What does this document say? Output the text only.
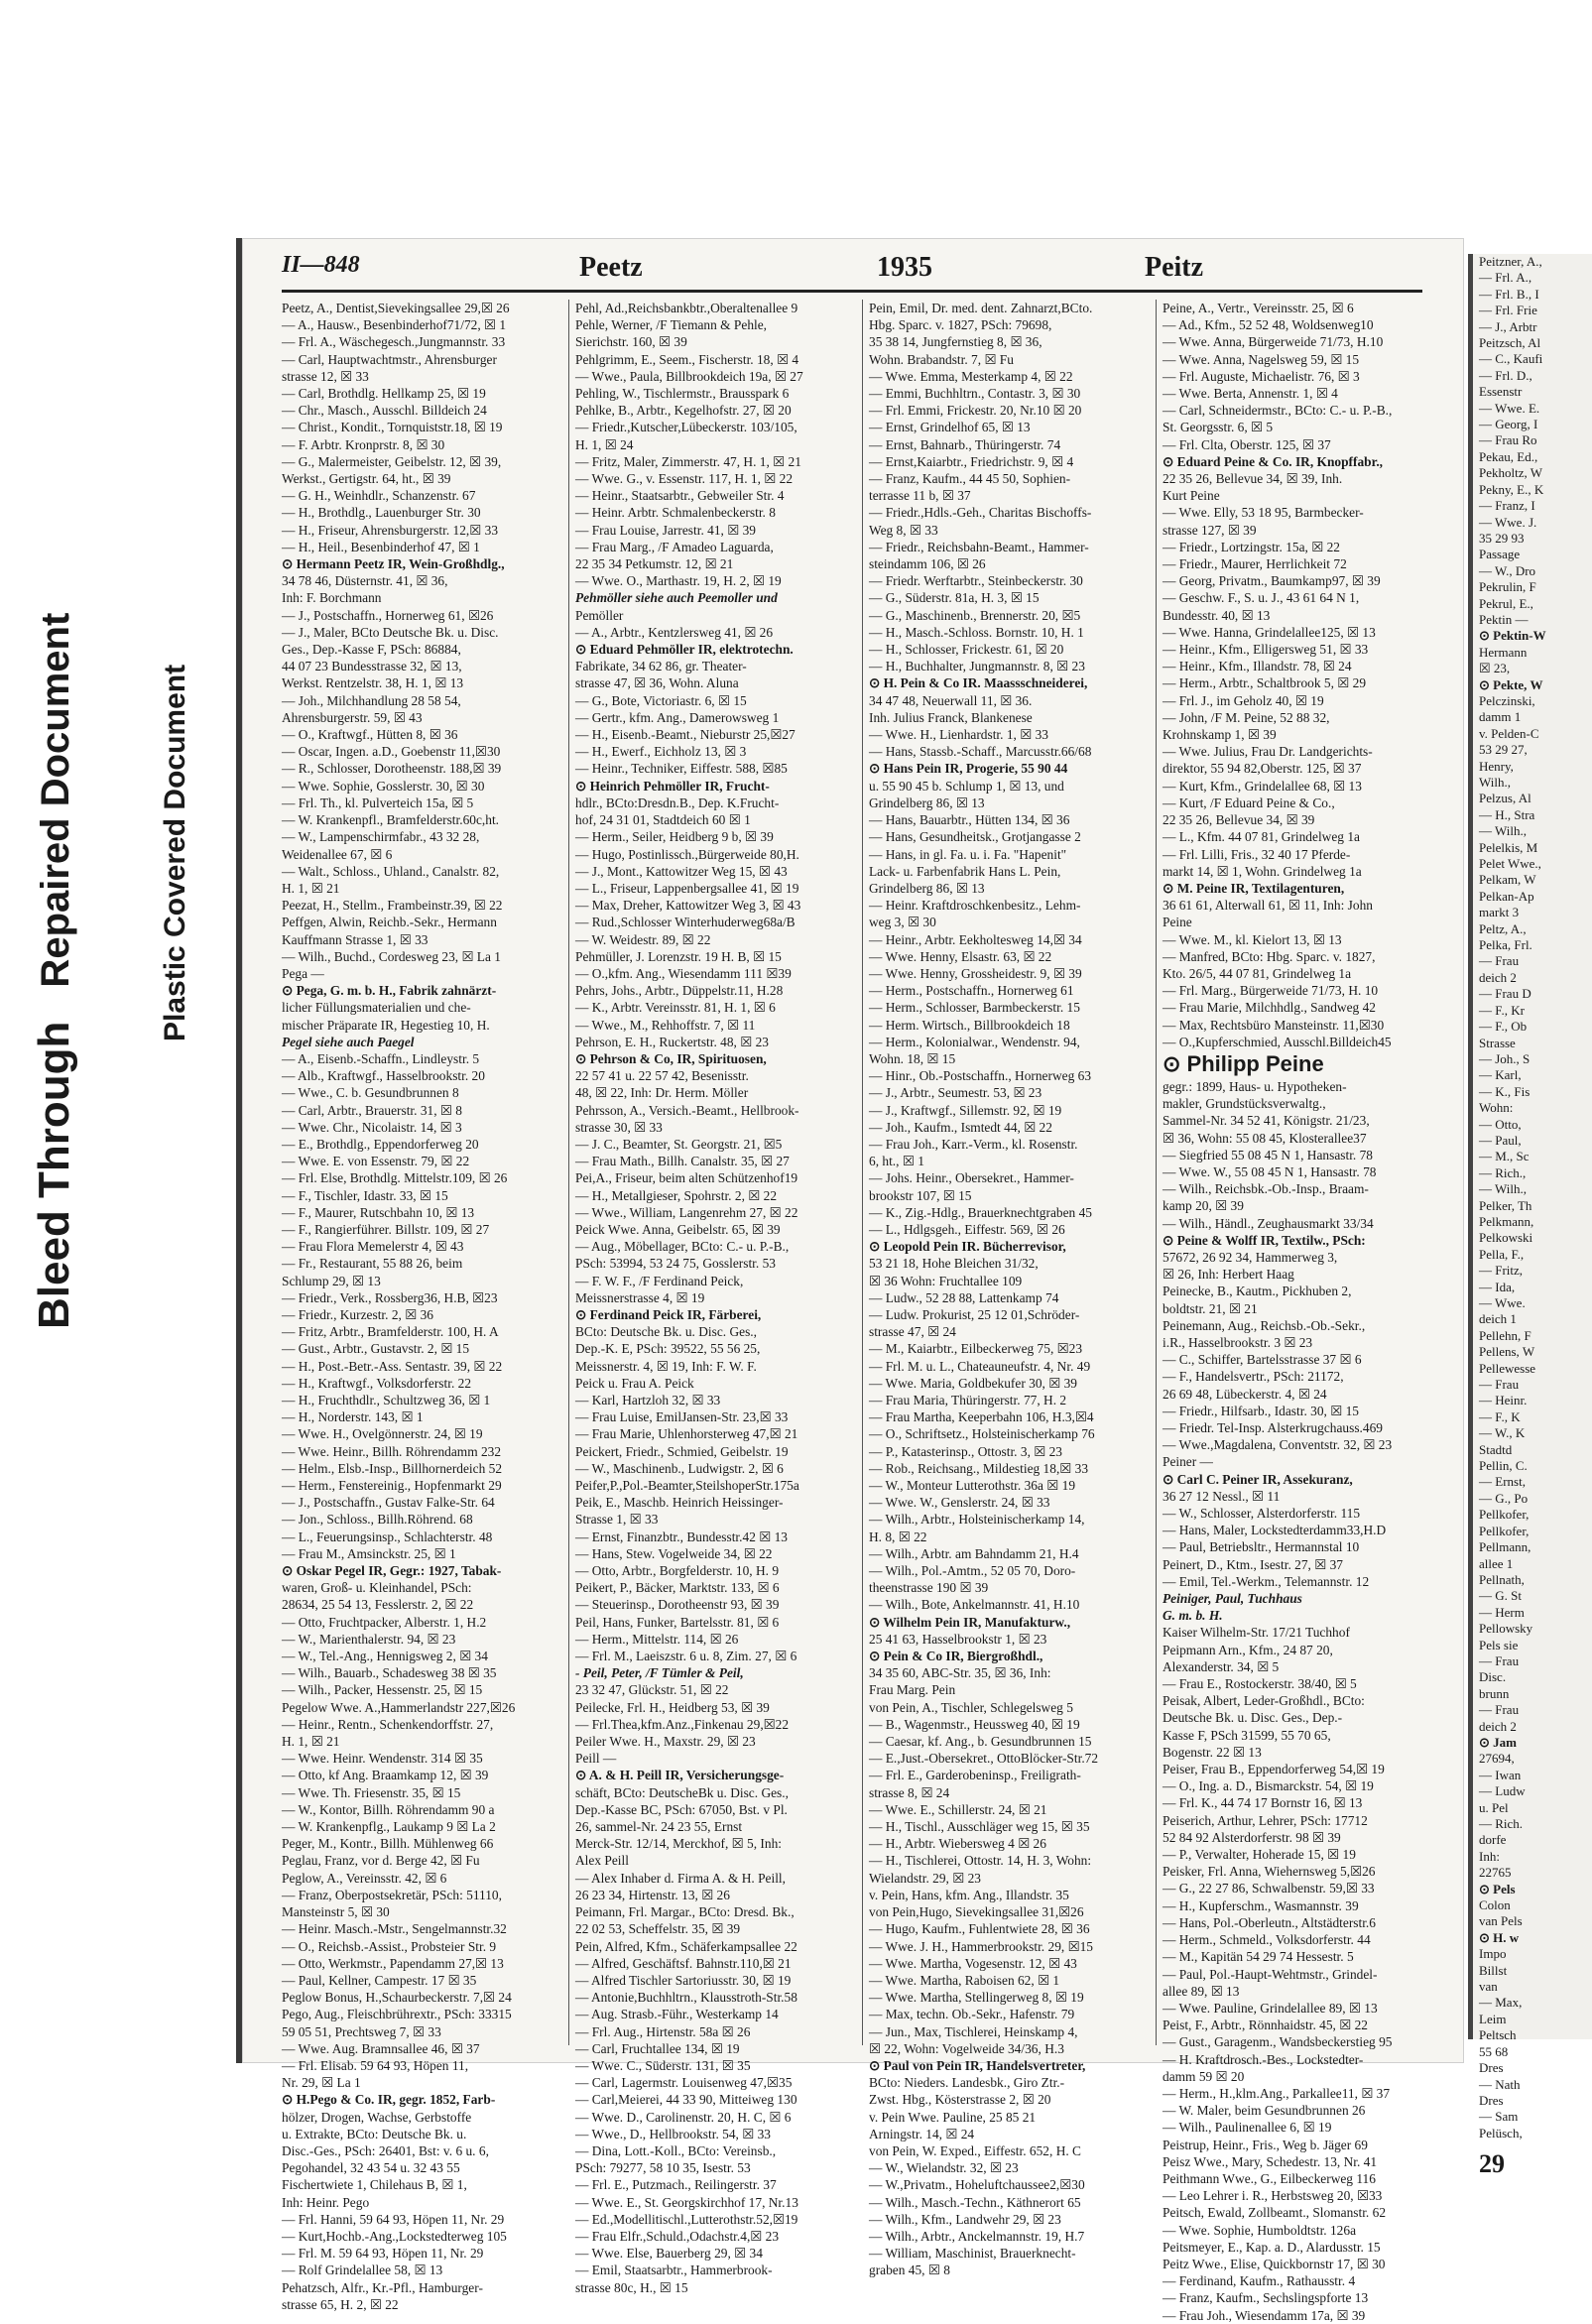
Bleed ThroughRepaired Document	Plastic Covered Document
II—848	Peetz	1935	Peitz
Peetz, A., Dentist,Sievekingsallee 29,☒ 26
— A., Hausw., Besenbinderhof71/72, ☒ 1
— Frl. A., Wäschegesch.,Jungmannstr. 33
— Carl, Hauptwachtmstr., Ahrensburger
strasse 12, ☒ 33
— Carl, Brothdlg. Hellkamp 25, ☒ 19
— Chr., Masch., Ausschl. Billdeich 24
— Christ., Kondit., Tornquiststr.18, ☒ 19
— F. Arbtr. Kronprstr. 8, ☒ 30
— G., Malermeister, Geibelstr. 12, ☒ 39,
Werkst., Gertigstr. 64, ht., ☒ 39
— G. H., Weinhdlr., Schanzenstr. 67
— H., Brothdlg., Lauenburger Str. 30
— H., Friseur, Ahrensburgerstr. 12,☒ 33
— H., Heil., Besenbinderhof 47, ☒ 1
⊙ Hermann Peetz IR, Wein-Großhdlg.,
34 78 46, Düsternstr. 41, ☒ 36,
Inh: F. Borchmann
— J., Postschaffn., Hornerweg 61, ☒26
— J., Maler, BCto Deutsche Bk. u. Disc.
Ges., Dep.-Kasse F, PSch: 86884,
44 07 23 Bundesstrasse 32, ☒ 13,
Werkst. Rentzelstr. 38, H. 1, ☒ 13
— Joh., Milchhandlung 28 58 54,
Ahrensburgerstr. 59, ☒ 43
— O., Kraftwgf., Hütten 8, ☒ 36
— Oscar, Ingen. a.D., Goebenstr 11,☒30
— R., Schlosser, Dorotheenstr. 188,☒ 39
— Wwe. Sophie, Gosslerstr. 30, ☒ 30
— Frl. Th., kl. Pulverteich 15a, ☒ 5
— W. Krankenpfl., Bramfelderstr.60c,ht.
— W., Lampenschirmfabr., 43 32 28,
Weidenallee 67, ☒ 6
— Walt., Schloss., Uhland., Canalstr. 82,
H. 1, ☒ 21
Peezat, H., Stellm., Frambeinstr.39, ☒ 22
Peffgen, Alwin, Reichb.-Sekr., Hermann
Kauffmann Strasse 1, ☒ 33
— Wilh., Buchd., Cordesweg 23, ☒ La 1
Pega —
⊙ Pega, G. m. b. H., Fabrik zahnärzt-
licher Füllungsmaterialien und che-
mischer Präparate IR, Hegestieg 10, H.
Pegel siehe auch Paegel
— A., Eisenb.-Schaffn., Lindleystr. 5
— Alb., Kraftwgf., Hasselbrookstr. 20
— Wwe., C. b. Gesundbrunnen 8
— Carl, Arbtr., Brauerstr. 31, ☒ 8
— Wwe. Chr., Nicolaistr. 14, ☒ 3
— E., Brothdlg., Eppendorferweg 20
— Wwe. E. von Essenstr. 79, ☒ 22
— Frl. Else, Brothdlg. Mittelstr.109, ☒ 26
— F., Tischler, Idastr. 33, ☒ 15
— F., Maurer, Rutschbahn 10, ☒ 13
— F., Rangierführer. Billstr. 109, ☒ 27
— Frau Flora Memelerstr 4, ☒ 43
— Fr., Restaurant, 55 88 26, beim
Schlump 29, ☒ 13
— Friedr., Verk., Rossberg36, H.B, ☒23
— Friedr., Kurzestr. 2, ☒ 36
— Fritz, Arbtr., Bramfelderstr. 100, H. A
— Gust., Arbtr., Gustavstr. 2, ☒ 15
— H., Post.-Betr.-Ass. Sentastr. 39, ☒ 22
— H., Kraftwgf., Volksdorferstr. 22
— H., Fruchthdlr., Schultzweg 36, ☒ 1
— H., Norderstr. 143, ☒ 1
— Wwe. H., Ovelgönnerstr. 24, ☒ 19
— Wwe. Heinr., Billh. Röhrendamm 232
— Helm., Elsb.-Insp., Billhornerdeich 52
— Herm., Fenstereinig., Hopfenmarkt 29
— J., Postschaffn., Gustav Falke-Str. 64
— Jon., Schloss., Billh.Röhrend. 68
— L., Feuerungsinsp., Schlachterstr. 48
— Frau M., Amsinckstr. 25, ☒ 1
⊙ Oskar Pegel IR, Gegr.: 1927, Tabak-
waren, Groß- u. Kleinhandel, PSch:
28634, 25 54 13, Fesslerstr. 2, ☒ 22
— Otto, Fruchtpacker, Alberstr. 1, H.2
— W., Marienthalerstr. 94, ☒ 23
— W., Tel.-Ang., Hennigsweg 2, ☒ 34
— Wilh., Bauarb., Schadesweg 38 ☒ 35
— Wilh., Packer, Hessenstr. 25, ☒ 15
Pegelow Wwe. A.,Hammerlandstr 227,☒26
— Heinr., Rentn., Schenkendorffstr. 27,
H. 1, ☒ 21
— Wwe. Heinr. Wendenstr. 314 ☒ 35
— Otto, kf Ang. Braamkamp 12, ☒ 39
— Wwe. Th. Friesenstr. 35, ☒ 15
— W., Kontor, Billh. Röhrendamm 90 a
— W. Krankenpflg., Laukamp 9 ☒ La 2
Peger, M., Kontr., Billh. Mühlenweg 66
Peglau, Franz, vor d. Berge 42, ☒ Fu
Peglow, A., Vereinsstr. 42, ☒ 6
— Franz, Oberpostsekretär, PSch: 51110,
Mansteinstr 5, ☒ 30
— Heinr. Masch.-Mstr., Sengelmannstr.32
— O., Reichsb.-Assist., Probsteier Str. 9
— Otto, Werkmstr., Papendamm 27,☒ 13
— Paul, Kellner, Campestr. 17 ☒ 35
Peglow Bonus, H.,Schaurbeckerstr. 7,☒ 24
Pego, Aug., Fleischbrührextr., PSch: 33315
59 05 51, Prechtsweg 7, ☒ 33
— Wwe. Aug. Bramnsallee 46, ☒ 37
— Frl. Elisab. 59 64 93, Höpen 11,
Nr. 29, ☒ La 1
⊙ H.Pego & Co. IR, gegr. 1852, Farb-
hölzer, Drogen, Wachse, Gerbstoffe
u. Extrakte, BCto: Deutsche Bk. u.
Disc.-Ges., PSch: 26401, Bst: v. 6 u. 6,
Pegohandel, 32 43 54 u. 32 43 55
Fischertwiete 1, Chilehaus B, ☒ 1,
Inh: Heinr. Pego
— Frl. Hanni, 59 64 93, Höpen 11, Nr. 29
— Kurt,Hochb.-Ang.,Lockstedterweg 105
— Frl. M. 59 64 93, Höpen 11, Nr. 29
— Rolf Grindelallee 58, ☒ 13
Pehatzsch, Alfr., Kr.-Pfl., Hamburger-
strasse 65, H. 2, ☒ 22
Pehl, Ad.,Reichsbankbtr.,Oberaltenallee 9
Pehle, Werner, /F Tiemann & Pehle,
Sierichstr. 160, ☒ 39
Pehlgrimm, E., Seem., Fischerstr. 18, ☒ 4
— Wwe., Paula, Billbrookdeich 19a, ☒ 27
Pehling, W., Tischlermstr., Brausspark 6
Pehlke, B., Arbtr., Kegelhofstr. 27, ☒ 20
— Friedr.,Kutscher,Lübeckerstr. 103/105,
H. 1, ☒ 24
— Fritz, Maler, Zimmerstr. 47, H. 1, ☒ 21
— Wwe. G., v. Essenstr. 117, H. 1, ☒ 22
— Heinr., Staatsarbtr., Gebweiler Str. 4
— Heinr. Arbtr. Schmalenbeckerstr. 8
— Frau Louise, Jarrestr. 41, ☒ 39
— Frau Marg., /F Amadeo Laguarda,
22 35 34 Petkumstr. 12, ☒ 21
— Wwe. O., Marthastr. 19, H. 2, ☒ 19
Pehmöller siehe auch Peemoller und
Pemöller
— A., Arbtr., Kentzlersweg 41, ☒ 26
⊙ Eduard Pehmöller IR, elektrotechn.
Fabrikate, 34 62 86, gr. Theater-
strasse 47, ☒ 36, Wohn. Aluna
— G., Bote, Victoriastr. 6, ☒ 15
— Gertr., kfm. Ang., Damerowsweg 1
— H., Eisenb.-Beamt., Nieburstr 25,☒27
— H., Ewerf., Eichholz 13, ☒ 3
— Heinr., Techniker, Eiffestr. 588, ☒85
⊙ Heinrich Pehmöller IR, Frucht-
hdlr., BCto:Dresdn.B., Dep. K.Frucht-
hof, 24 31 01, Stadtdeich 60 ☒ 1
— Herm., Seiler, Heidberg 9 b, ☒ 39
— Hugo, Postinlissch.,Bürgerweide 80,H.
— J., Mont., Kattowitzer Weg 15, ☒ 43
— L., Friseur, Lappenbergsallee 41, ☒ 19
— Max, Dreher, Kattowitzer Weg 3, ☒ 43
— Rud.,Schlosser Winterhuderweg68a/B
— W. Weidestr. 89, ☒ 22
Pehmüller, J. Lorenzstr. 19 H. B, ☒ 15
— O.,kfm. Ang., Wiesendamm 111 ☒39
Pehrs, Johs., Arbtr., Düppelstr.11, H.28
— K., Arbtr. Vereinsstr. 81, H. 1, ☒ 6
— Wwe., M., Rehhoffstr. 7, ☒ 11
Pehrson, E. H., Ruckertstr. 48, ☒ 23
⊙ Pehrson & Co, IR, Spirituosen,
22 57 41 u. 22 57 42, Besenisstr.
48, ☒ 22, Inh: Dr. Herm. Möller
Pehrsson, A., Versich.-Beamt., Hellbrook-
strasse 30, ☒ 33
— J. C., Beamter, St. Georgstr. 21, ☒5
— Frau Math., Billh. Canalstr. 35, ☒ 27
Pei,A., Friseur, beim alten Schützenhof19
— H., Metallgieser, Spohrstr. 2, ☒ 22
— Wwe., William, Langenrehm 27, ☒ 22
Peick Wwe. Anna, Geibelstr. 65, ☒ 39
— Aug., Möbellager, BCto: C.- u. P.-B.,
PSch: 53994, 53 24 75, Gosslerstr. 53
— F. W. F., /F Ferdinand Peick,
Meissnerstrasse 4, ☒ 19
⊙ Ferdinand Peick IR, Färberei,
BCto: Deutsche Bk. u. Disc. Ges.,
Dep.-K. E, PSch: 39522, 55 56 25,
Meissnerstr. 4, ☒ 19, Inh: F. W. F.
Peick u. Frau A. Peick
— Karl, Hartzloh 32, ☒ 33
— Frau Luise, EmilJansen-Str. 23,☒ 33
— Frau Marie, Uhlenhorsterweg 47,☒ 21
Peickert, Friedr., Schmied, Geibelstr. 19
— W., Maschinenb., Ludwigstr. 2, ☒ 6
Peifer,P.,Pol.-Beamter,SteilshoperStr.175a
Peik, E., Maschb. Heinrich Heissinger-
Strasse 1, ☒ 33
— Ernst, Finanzbtr., Bundesstr.42 ☒ 13
— Hans, Stew. Vogelweide 34, ☒ 22
— Otto, Arbtr., Borgfelderstr. 10, H. 9
Peikert, P., Bäcker, Marktstr. 133, ☒ 6
— Steuerinsp., Dorotheenstr 93, ☒ 39
Peil, Hans, Funker, Bartelsstr. 81, ☒ 6
— Herm., Mittelstr. 114, ☒ 26
— Frl. M., Laeiszstr. 6 u. 8, Zim. 27, ☒ 6
- Peil, Peter, /F Tümler & Peil,
23 32 47, Glückstr. 51, ☒ 22
Peilecke, Frl. H., Heidberg 53, ☒ 39
— Frl.Thea,kfm.Anz.,Finkenau 29,☒22
Peiler Wwe. H., Maxstr. 29, ☒ 23
Peill —
⊙ A. & H. Peill IR, Versicherungsge-
schäft, BCto: DeutscheBk u. Disc. Ges.,
Dep.-Kasse BC, PSch: 67050, Bst. v Pl.
26, sammel-Nr. 24 23 55, Ernst
Merck-Str. 12/14, Merckhof, ☒ 5, Inh:
Alex Peill
— Alex Inhaber d. Firma A. & H. Peill,
26 23 34, Hirtenstr. 13, ☒ 26
Peimann, Frl. Margar., BCto: Dresd. Bk.,
22 02 53, Scheffelstr. 35, ☒ 39
Pein, Alfred, Kfm., Schäferkampsallee 22
— Alfred, Geschäftsf. Bahnstr.110,☒ 21
— Alfred Tischler Sartoriusstr. 30, ☒ 19
— Antonie,Buchhltrn., Klausstroth-Str.58
— Aug. Strasb.-Führ., Westerkamp 14
— Frl. Aug., Hirtenstr. 58a ☒ 26
— Carl, Fruchtallee 134, ☒ 19
— Wwe. C., Süderstr. 131, ☒ 35
— Carl, Lagermstr. Louisenweg 47,☒35
— Carl,Meierei, 44 33 90, Mitteiweg 130
— Wwe. D., Carolinenstr. 20, H. C, ☒ 6
— Wwe., D., Hellbrookstr. 54, ☒ 33
— Dina, Lott.-Koll., BCto: Vereinsb.,
PSch: 79277, 58 10 35, Isestr. 53
— Frl. E., Putzmach., Reilingerstr. 37
— Wwe. E., St. Georgskirchhof 17, Nr.13
— Ed.,Modellitischl.,Lutterothstr.52,☒19
— Frau Elfr.,Schuld.,Odachstr.4,☒ 23
— Wwe. Else, Bauerberg 29, ☒ 34
— Emil, Staatsarbtr., Hammerbrook-
strasse 80c, H., ☒ 15
Pein, Emil, Dr. med. dent. Zahnarzt,BCto.
Hbg. Sparc. v. 1827, PSch: 79698,
35 38 14, Jungfernstieg 8, ☒ 36,
Wohn. Brabandstr. 7, ☒ Fu
— Wwe. Emma, Mesterkamp 4, ☒ 22
— Emmi, Buchhltrn., Contastr. 3, ☒ 30
— Frl. Emmi, Frickestr. 20, Nr.10 ☒ 20
— Ernst, Grindelhof 65, ☒ 13
— Ernst, Bahnarb., Thüringerstr. 74
— Ernst,Kaiarbtr., Friedrichstr. 9, ☒ 4
— Franz, Kaufm., 44 45 50, Sophien-
terrasse 11 b, ☒ 37
— Friedr.,Hdls.-Geh., Charitas Bischoffs-
Weg 8, ☒ 33
— Friedr., Reichsbahn-Beamt., Hammer-
steindamm 106, ☒ 26
— Friedr. Werftarbtr., Steinbeckerstr. 30
— G., Süderstr. 81a, H. 3, ☒ 15
— G., Maschinenb., Brennerstr. 20, ☒5
— H., Masch.-Schloss. Bornstr. 10, H. 1
— H., Schlosser, Frickestr. 61, ☒ 20
— H., Buchhalter, Jungmannstr. 8, ☒ 23
⊙ H. Pein & Co IR. Maassschneiderei,
34 47 48, Neuerwall 11, ☒ 36.
Inh. Julius Franck, Blankenese
— Wwe. H., Lienhardstr. 1, ☒ 33
— Hans, Stassb.-Schaff., Marcusstr.66/68
⊙ Hans Pein IR, Progerie, 55 90 44
u. 55 90 45 b. Schlump 1, ☒ 13, und
Grindelberg 86, ☒ 13
— Hans, Bauarbtr., Hütten 134, ☒ 36
— Hans, Gesundheitsk., Grotjangasse 2
— Hans, in gl. Fa. u. i. Fa. "Hapenit"
Lack- u. Farbenfabrik Hans L. Pein,
Grindelberg 86, ☒ 13
— Heinr. Kraftdroschkenbesitz., Lehm-
weg 3, ☒ 30
— Heinr., Arbtr. Eekholtesweg 14,☒ 34
— Wwe. Henny, Elsastr. 63, ☒ 22
— Wwe. Henny, Grossheidestr. 9, ☒ 39
— Herm., Postschaffn., Hornerweg 61
— Herm., Schlosser, Barmbeckerstr. 15
— Herm. Wirtsch., Billbrookdeich 18
— Herm., Kolonialwar., Wendenstr. 94,
Wohn. 18, ☒ 15
— Hinr., Ob.-Postschaffn., Hornerweg 63
— J., Arbtr., Seumestr. 53, ☒ 23
— J., Kraftwgf., Sillemstr. 92, ☒ 19
— Joh., Kaufm., Ismtedt 44, ☒ 22
— Frau Joh., Karr.-Verm., kl. Rosenstr.
6, ht., ☒ 1
— Johs. Heinr., Obersekret., Hammer-
brookstr 107, ☒ 15
— K., Zig.-Hdlg., Brauerknechtgraben 45
— L., Hdlgsgeh., Eiffestr. 569, ☒ 26
⊙ Leopold Pein IR. Bücherrevisor,
53 21 18, Hohe Bleichen 31/32,
☒ 36 Wohn: Fruchtallee 109
— Ludw., 52 28 88, Lattenkamp 74
— Ludw. Prokurist, 25 12 01,Schröder-
strasse 47, ☒ 24
— M., Kaiarbtr., Eilbeckerweg 75, ☒23
— Frl. M. u. L., Chateauneufstr. 4, Nr. 49
— Wwe. Maria, Goldbekufer 30, ☒ 39
— Frau Maria, Thüringerstr. 77, H. 2
— Frau Martha, Keeperbahn 106, H.3,☒4
— O., Schriftsetz., Holsteinischerkamp 76
— P., Katasterinsp., Ottostr. 3, ☒ 23
— Rob., Reichsang., Mildestieg 18,☒ 33
— W., Monteur Lutterothstr. 36a ☒ 19
— Wwe. W., Genslerstr. 24, ☒ 33
— Wilh., Arbtr., Holsteinischerkamp 14,
H. 8, ☒ 22
— Wilh., Arbtr. am Bahndamm 21, H.4
— Wilh., Pol.-Amtm., 52 05 70, Doro-
theenstrasse 190 ☒ 39
— Wilh., Bote, Ankelmannstr. 41, H.10
⊙ Wilhelm Pein IR, Manufakturw.,
25 41 63, Hasselbrookstr 1, ☒ 23
⊙ Pein & Co IR, Biergroßhdl.,
34 35 60, ABC-Str. 35, ☒ 36, Inh:
Frau Marg. Pein
von Pein, A., Tischler, Schlegelsweg 5
— B., Wagenmstr., Heussweg 40, ☒ 19
— Caesar, kf. Ang., b. Gesundbrunnen 15
— E.,Just.-Obersekret., OttoBlöcker-Str.72
— Frl. E., Garderobeninsp., Freiligrath-
strasse 8, ☒ 24
— Wwe. E., Schillerstr. 24, ☒ 21
— H., Tischl., Ausschläger weg 15, ☒ 35
— H., Arbtr. Wiebersweg 4 ☒ 26
— H., Tischlerei, Ottostr. 14, H. 3, Wohn:
Wielandstr. 29, ☒ 23
v. Pein, Hans, kfm. Ang., Illandstr. 35
von Pein,Hugo, Sievekingsallee 31,☒26
— Hugo, Kaufm., Fuhlentwiete 28, ☒ 36
— Wwe. J. H., Hammerbrookstr. 29, ☒15
— Wwe. Martha, Vogesenstr. 12, ☒ 43
— Wwe. Martha, Raboisen 62, ☒ 1
— Wwe. Martha, Stellingerweg 8, ☒ 19
— Max, techn. Ob.-Sekr., Hafenstr. 79
— Jun., Max, Tischlerei, Heinskamp 4,
☒ 22, Wohn: Vogelweide 34/36, H.3
⊙ Paul von Pein IR, Handelsvertreter,
BCto: Nieders. Landesbk., Giro Ztr.-
Zwst. Hbg., Kösterstrasse 2, ☒ 20
v. Pein Wwe. Pauline, 25 85 21
Arningstr. 14, ☒ 24
von Pein, W. Exped., Eiffestr. 652, H. C
— W., Wielandstr. 32, ☒ 23
— W.,Privatm., Hoheluftchaussee2,☒30
— Wilh., Masch.-Techn., Käthnerort 65
— Wilh., Kfm., Landwehr 29, ☒ 23
— Wilh., Arbtr., Anckelmannstr. 19, H.7
— William, Maschinist, Brauerknecht-
graben 45, ☒ 8
Peine, A., Vertr., Vereinsstr. 25, ☒ 6
— Ad., Kfm., 52 52 48, Woldsenweg10
— Wwe. Anna, Bürgerweide 71/73, H.10
— Wwe. Anna, Nagelsweg 59, ☒ 15
— Frl. Auguste, Michaelistr. 76, ☒ 3
— Wwe. Berta, Annenstr. 1, ☒ 4
— Carl, Schneidermstr., BCto: C.- u. P.-B.,
St. Georgsstr. 6, ☒ 5
— Frl. Clta, Oberstr. 125, ☒ 37
⊙ Eduard Peine & Co. IR, Knopffabr.,
22 35 26, Bellevue 34, ☒ 39, Inh.
Kurt Peine
— Wwe. Elly, 53 18 95, Barmbecker-
strasse 127, ☒ 39
— Friedr., Lortzingstr. 15a, ☒ 22
— Friedr., Maurer, Herrlichkeit 72
— Georg, Privatm., Baumkamp97, ☒ 39
— Geschw. F., S. u. J., 43 61 64 N 1,
Bundesstr. 40, ☒ 13
— Wwe. Hanna, Grindelallee125, ☒ 13
— Heinr., Kfm., Elligersweg 51, ☒ 33
— Heinr., Kfm., Illandstr. 78, ☒ 24
— Herm., Arbtr., Schaltbrook 5, ☒ 29
— Frl. J., im Geholz 40, ☒ 19
— John, /F M. Peine, 52 88 32,
Krohnskamp 1, ☒ 39
— Wwe. Julius, Frau Dr. Landgerichts-
direktor, 55 94 82,Oberstr. 125, ☒ 37
— Kurt, Kfm., Grindelallee 68, ☒ 13
— Kurt, /F Eduard Peine & Co.,
22 35 26, Bellevue 34, ☒ 39
— L., Kfm. 44 07 81, Grindelweg 1a
— Frl. Lilli, Fris., 32 40 17 Pferde-
markt 14, ☒ 1, Wohn. Grindelweg 1a
⊙ M. Peine IR, Textilagenturen,
36 61 61, Alterwall 61, ☒ 11, Inh: John
Peine
— Wwe. M., kl. Kielort 13, ☒ 13
— Manfred, BCto: Hbg. Sparc. v. 1827,
Kto. 26/5, 44 07 81, Grindelweg 1a
— Frl. Marg., Bürgerweide 71/73, H. 10
— Frau Marie, Milchhdlg., Sandweg 42
— Max, Rechtsbüro Mansteinstr. 11,☒30
— O.,Kupferschmied, Ausschl.Billdeich45
⊙ Philipp Peine
gegr.: 1899, Haus- u. Hypotheken-
makler, Grundstücksverwaltg.,
Sammel-Nr. 34 52 41, Königstr. 21/23,
☒ 36, Wohn: 55 08 45, Klosterallee37
— Siegfried 55 08 45 N 1, Hansastr. 78
— Wwe. W., 55 08 45 N 1, Hansastr. 78
— Wilh., Reichsbk.-Ob.-Insp., Braam-
kamp 20, ☒ 39
— Wilh., Händl., Zeughausmarkt 33/34
⊙ Peine & Wolff IR, Textilw., PSch:
57672, 26 92 34, Hammerweg 3,
☒ 26, Inh: Herbert Haag
Peinecke, B., Kautm., Pickhuben 2,
boldtstr. 21, ☒ 21
Peinemann, Aug., Reichsb.-Ob.-Sekr.,
i.R., Hasselbrookstr. 3 ☒ 23
— C., Schiffer, Bartelsstrasse 37 ☒ 6
— F., Handelsvertr., PSch: 21172,
26 69 48, Lübeckerstr. 4, ☒ 24
— Friedr., Hilfsarb., Idastr. 30, ☒ 15
— Friedr. Tel-Insp. Alsterkrugchauss.469
— Wwe.,Magdalena, Conventstr. 32, ☒ 23
Peiner —
⊙ Carl C. Peiner IR, Assekuranz,
36 27 12 Nessl., ☒ 11
— W., Schlosser, Alsterdorferstr. 115
— Hans, Maler, Lockstedterdamm33,H.D
— Paul, Betriebsltr., Hermannstal 10
Peinert, D., Ktm., Isestr. 27, ☒ 37
— Emil, Tel.-Werkm., Telemannstr. 12
Peiniger, Paul, Tuchhaus
G. m. b. H.
Kaiser Wilhelm-Str. 17/21 Tuchhof
Peipmann Arn., Kfm., 24 87 20,
Alexanderstr. 34, ☒ 5
— Frau E., Rostockerstr. 38/40, ☒ 5
Peisak, Albert, Leder-Großhdl., BCto:
Deutsche Bk. u. Disc. Ges., Dep.-
Kasse F, PSch 31599, 55 70 65,
Bogenstr. 22 ☒ 13
Peiser, Frau B., Eppendorferweg 54,☒ 19
— O., Ing. a. D., Bismarckstr. 54, ☒ 19
— Frl. K., 44 74 17 Bornstr 16, ☒ 13
Peiserich, Arthur, Lehrer, PSch: 17712
52 84 92 Alsterdorferstr. 98 ☒ 39
— P., Verwalter, Hoherade 15, ☒ 19
Peisker, Frl. Anna, Wiehernsweg 5,☒26
— G., 22 27 86, Schwalbenstr. 59,☒ 33
— H., Kupferschm., Wasmannstr. 39
— Hans, Pol.-Oberleutn., Altstädterstr.6
— Herm., Schmeld., Volksdorferstr. 44
— M., Kapitän 54 29 74 Hessestr. 5
— Paul, Pol.-Haupt-Wehtmstr., Grindel-
allee 89, ☒ 13
— Wwe. Pauline, Grindelallee 89, ☒ 13
Peist, F., Arbtr., Rönnhaidstr. 45, ☒ 22
— Gust., Garagenm., Wandsbeckerstieg 95
— H. Kraftdrosch.-Bes., Lockstedter-
damm 59 ☒ 20
— Herm., H.,klm.Ang., Parkallee11, ☒ 37
— W. Maler, beim Gesundbrunnen 26
— Wilh., Paulinenallee 6, ☒ 19
Peistrup, Heinr., Fris., Weg b. Jäger 69
Peisz Wwe., Mary, Schedestr. 13, Nr. 41
Peithmann Wwe., G., Eilbeckerweg 116
— Leo Lehrer i. R., Herbstsweg 20, ☒33
Peitsch, Ewald, Zollbeamt., Slomanstr. 62
— Wwe. Sophie, Humboldtstr. 126a
Peitsmeyer, E., Kap. a. D., Alardusstr. 15
Peitz Wwe., Elise, Quickbornstr 17, ☒ 30
— Ferdinand, Kaufm., Rathausstr. 4
— Franz, Kaufm., Sechslingspforte 13
— Frau Joh., Wiesendamm 17a, ☒ 39
Peitzner, A.,
— Frl. A.,
— Frl. B., I
— Frl. Frie
— J., Arbtr
Peitzsch, Al
— C., Kaufi
— Frl. D.,
Essenstr
— Wwe. E.
— Georg, I
— Frau Ro
Pekau, Ed.,
Pekholtz, W
Pekny, E., K
— Franz, I
— Wwe. J.
35 29 93
Passage
— W., Dro
Pekrulin, F
Pekrul, E.,
Pektin —
⊙ Pektin-W
Hermann
☒ 23,
⊙ Pekte, W
Pelczinski,
damm 1
v. Pelden-C
53 29 27,
Henry,
Wilh.,
Pelzus, Al
— H., Stra
— Wilh.,
Pelelkis, M
Pelet Wwe.,
Pelkam, W
Pelkan-Ap
markt 3
Peltz, A.,
Pelka, Frl.
— Frau
deich 2
— Frau D
— F., Kr
— F., Ob
Strasse
— Joh., S
— Karl,
— K., Fis
Wohn:
— Otto,
— Paul,
— M., Sc
— Rich.,
— Wilh.,
Pelker, Th
Pelkmann,
Pelkowski
Pella, F.,
— Fritz,
— Ida,
— Wwe.
deich 1
Pellehn, F
Pellens, W
Pellewesse
— Frau
— Heinr.
— F., K
— W., K
Stadtd
Pellin, C.
— Ernst,
— G., Po
Pellkofer,
Pellkofer,
Pellmann,
allee 1
Pellnath,
— G. St
— Herm
Pellowsky
Pels sie
— Frau
Disc.
brunn
— Frau
deich 2
⊙ Jam
27694,
— Iwan
— Ludw
u. Pel
— Rich.
dorfe
Inh:
22765
⊙ Pels
Colon
van Pels
⊙ H. w
Impo
Billst
van
— Max,
Leim
Peltsch
55 68
Dres
— Nath
Dres
— Sam
Pelüsch,
29
